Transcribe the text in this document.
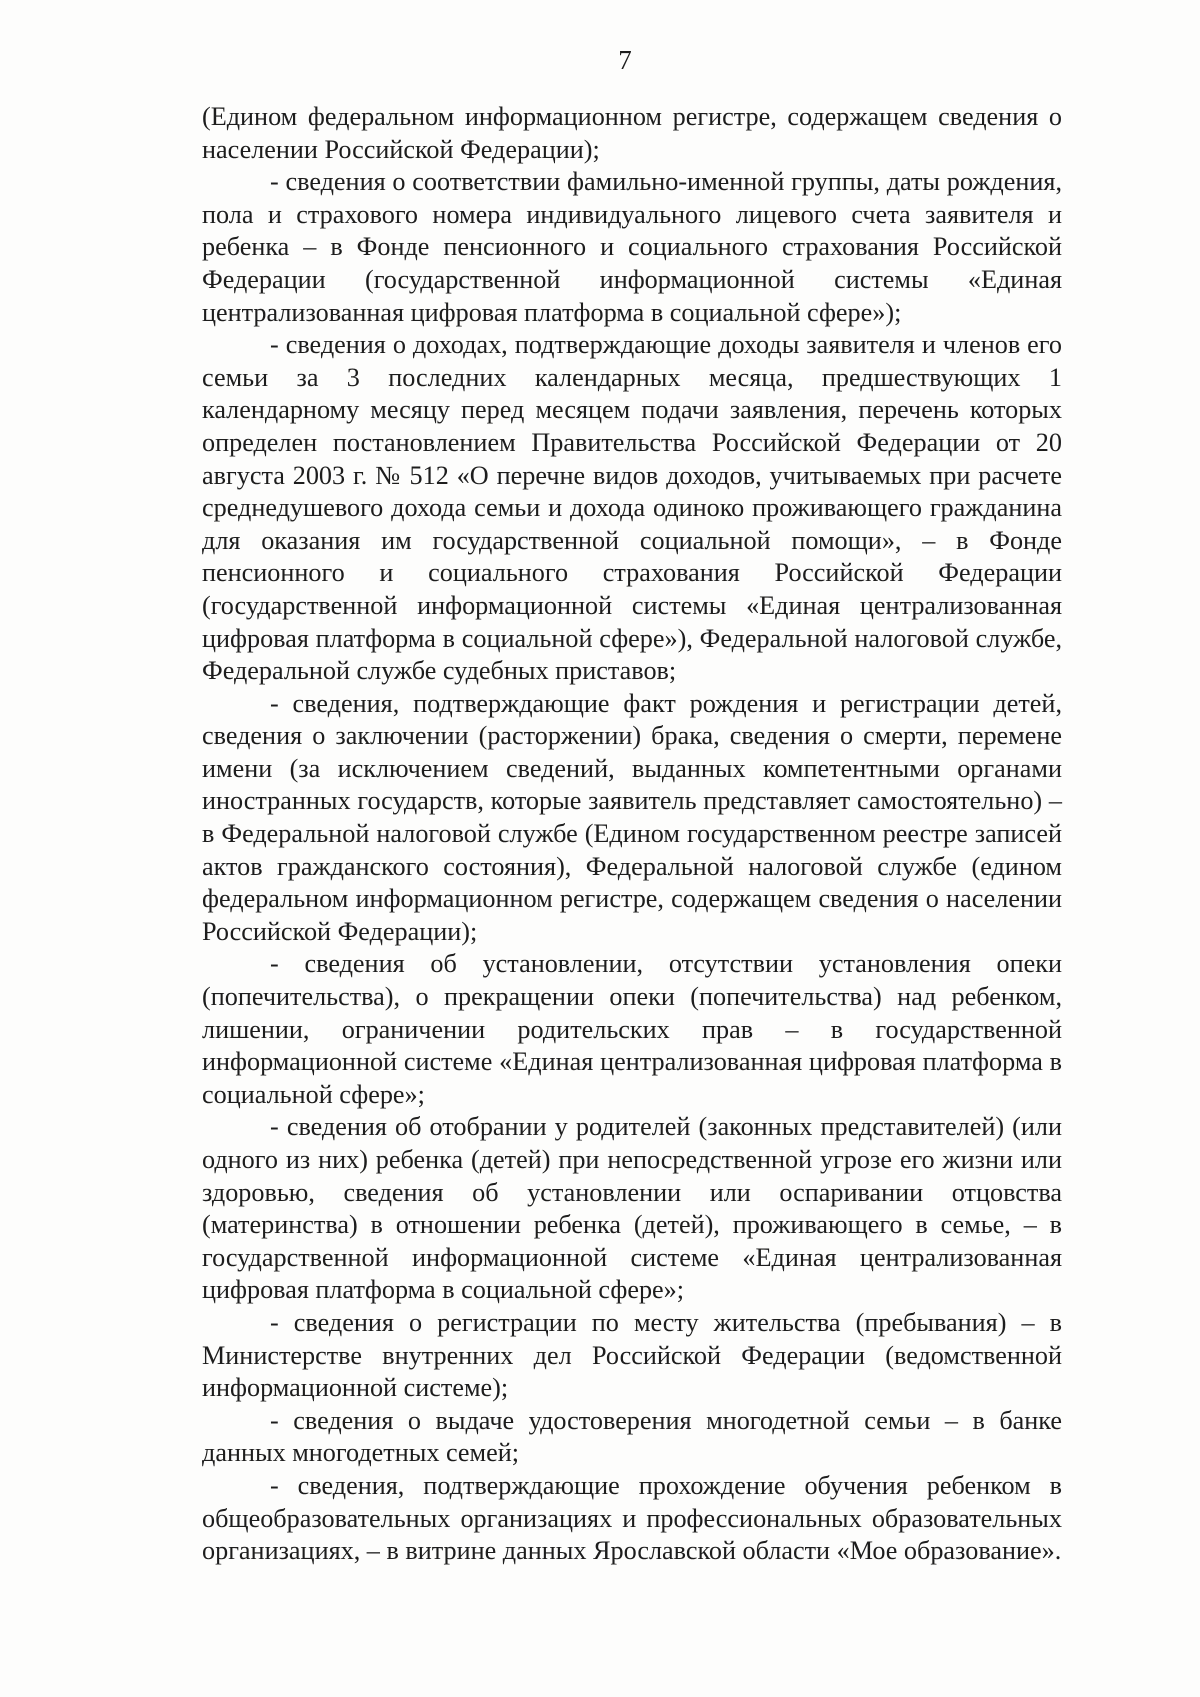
7

(Едином федеральном информационном регистре, содержащем сведения о населении Российской Федерации);

- сведения о соответствии фамильно-именной группы, даты рождения, пола и страхового номера индивидуального лицевого счета заявителя и ребенка – в Фонде пенсионного и социального страхования Российской Федерации (государственной информационной системы «Единая централизованная цифровая платформа в социальной сфере»);

- сведения о доходах, подтверждающие доходы заявителя и членов его семьи за 3 последних календарных месяца, предшествующих 1 календарному месяцу перед месяцем подачи заявления, перечень которых определен постановлением Правительства Российской Федерации от 20 августа 2003 г. № 512 «О перечне видов доходов, учитываемых при расчете среднедушевого дохода семьи и дохода одиноко проживающего гражданина для оказания им государственной социальной помощи», – в Фонде пенсионного и социального страхования Российской Федерации (государственной информационной системы «Единая централизованная цифровая платформа в социальной сфере»), Федеральной налоговой службе, Федеральной службе судебных приставов;

- сведения, подтверждающие факт рождения и регистрации детей, сведения о заключении (расторжении) брака, сведения о смерти, перемене имени (за исключением сведений, выданных компетентными органами иностранных государств, которые заявитель представляет самостоятельно) – в Федеральной налоговой службе (Едином государственном реестре записей актов гражданского состояния), Федеральной налоговой службе (едином федеральном информационном регистре, содержащем сведения о населении Российской Федерации);

- сведения об установлении, отсутствии установления опеки (попечительства), о прекращении опеки (попечительства) над ребенком, лишении, ограничении родительских прав – в государственной информационной системе «Единая централизованная цифровая платформа в социальной сфере»;

- сведения об отобрании у родителей (законных представителей) (или одного из них) ребенка (детей) при непосредственной угрозе его жизни или здоровью, сведения об установлении или оспаривании отцовства (материнства) в отношении ребенка (детей), проживающего в семье, – в государственной информационной системе «Единая централизованная цифровая платформа в социальной сфере»;

- сведения о регистрации по месту жительства (пребывания) – в Министерстве внутренних дел Российской Федерации (ведомственной информационной системе);

- сведения о выдаче удостоверения многодетной семьи – в банке данных многодетных семей;

- сведения, подтверждающие прохождение обучения ребенком в общеобразовательных организациях и профессиональных образовательных организациях, – в витрине данных Ярославской области «Мое образование».
